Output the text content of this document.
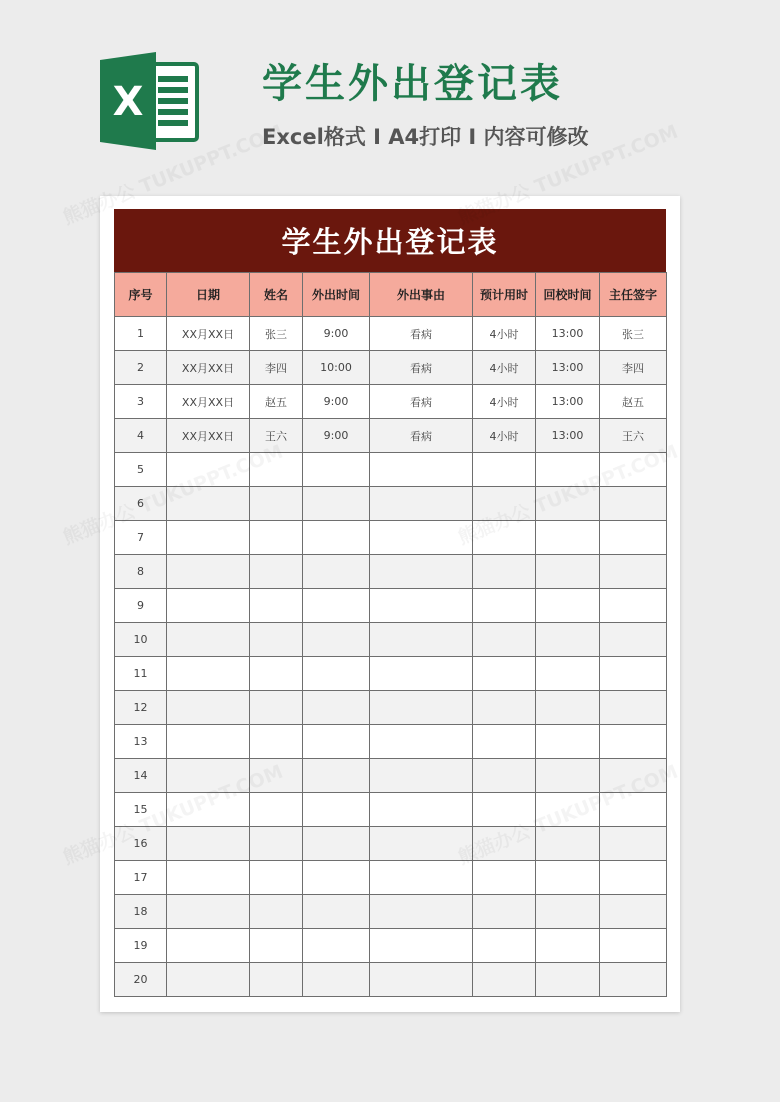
X	学生外出登记表
Excel格式 I A4打印 I 内容可修改
学生外出登记表
序号	日期	姓名	外出时间	外出事由	预计用时	回校时间	主任签字
1	XX月XX日	张三	9:00	看病	4小时	13:00	张三
2	XX月XX日	李四	10:00	看病	4小时	13:00	李四
3	XX月XX日	赵五	9:00	看病	4小时	13:00	赵五
4	XX月XX日	王六	9:00	看病	4小时	13:00	王六
5							
6							
7							
8							
9							
10							
11							
12							
13							
14							
15							
16							
17							
18							
19							
20							
